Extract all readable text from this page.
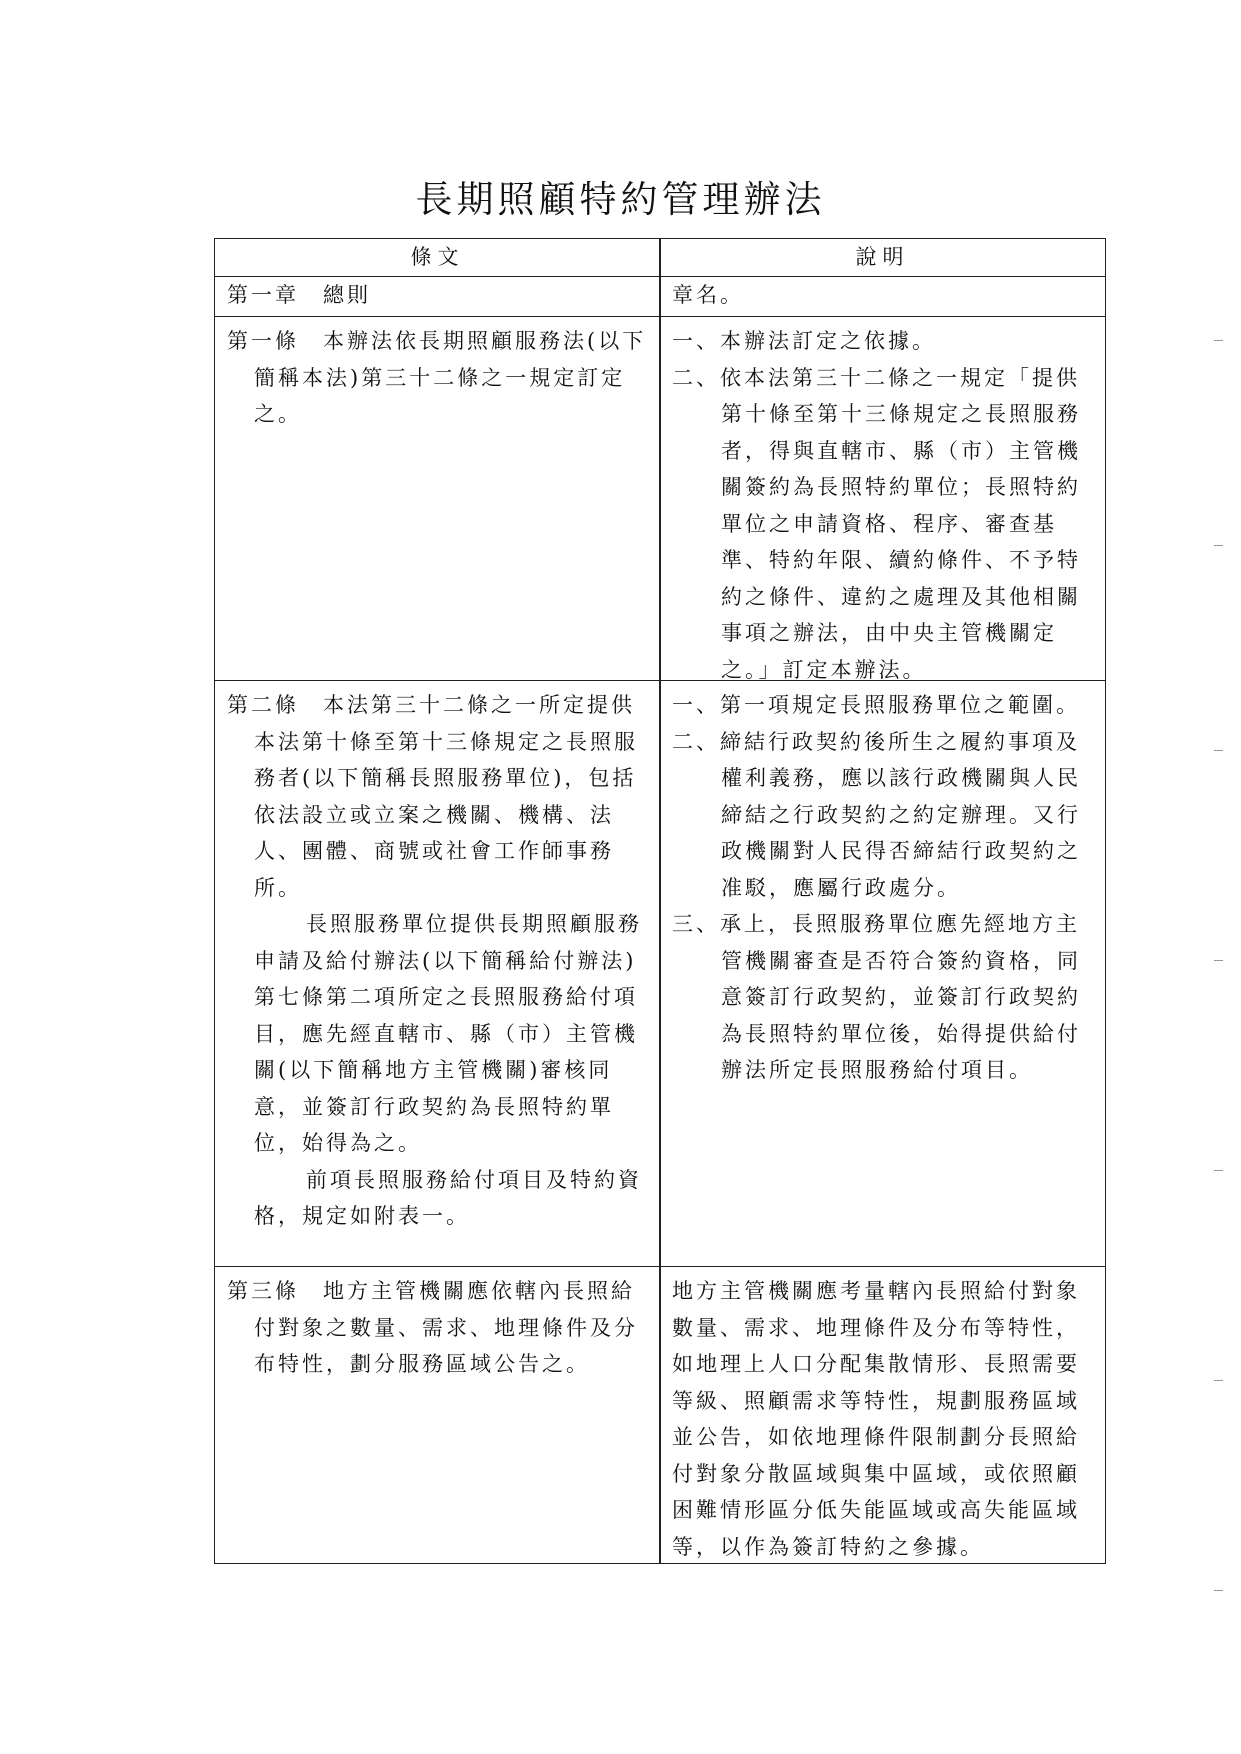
長期照顧特約管理辦法
條文	說明

第一章　總則	章名。

第一條　本辦法依長期照顧服務法(以下簡稱本法)第三十二條之一規定訂定之。

一、本辦法訂定之依據。

二、依本法第三十二條之一規定「提供第十條至第十三條規定之長照服務者，得與直轄市、縣（市）主管機關簽約為長照特約單位；長照特約單位之申請資格、程序、審查基準、特約年限、續約條件、不予特約之條件、違約之處理及其他相關事項之辦法，由中央主管機關定之。」訂定本辦法。

第二條　本法第三十二條之一所定提供本法第十條至第十三條規定之長照服務者(以下簡稱長照服務單位)，包括依法設立或立案之機關、機構、法人、團體、商號或社會工作師事務所。

長照服務單位提供長期照顧服務申請及給付辦法(以下簡稱給付辦法)第七條第二項所定之長照服務給付項目，應先經直轄市、縣（市）主管機關(以下簡稱地方主管機關)審核同意，並簽訂行政契約為長照特約單位，始得為之。

前項長照服務給付項目及特約資格，規定如附表一。

一、第一項規定長照服務單位之範圍。

二、締結行政契約後所生之履約事項及權利義務，應以該行政機關與人民締結之行政契約之約定辦理。又行政機關對人民得否締結行政契約之准駁，應屬行政處分。

三、承上，長照服務單位應先經地方主管機關審查是否符合簽約資格，同意簽訂行政契約，並簽訂行政契約為長照特約單位後，始得提供給付辦法所定長照服務給付項目。

第三條　地方主管機關應依轄內長照給付對象之數量、需求、地理條件及分布特性，劃分服務區域公告之。

地方主管機關應考量轄內長照給付對象數量、需求、地理條件及分布等特性，如地理上人口分配集散情形、長照需要等級、照顧需求等特性，規劃服務區域並公告，如依地理條件限制劃分長照給付對象分散區域與集中區域，或依照顧困難情形區分低失能區域或高失能區域等，以作為簽訂特約之參據。
